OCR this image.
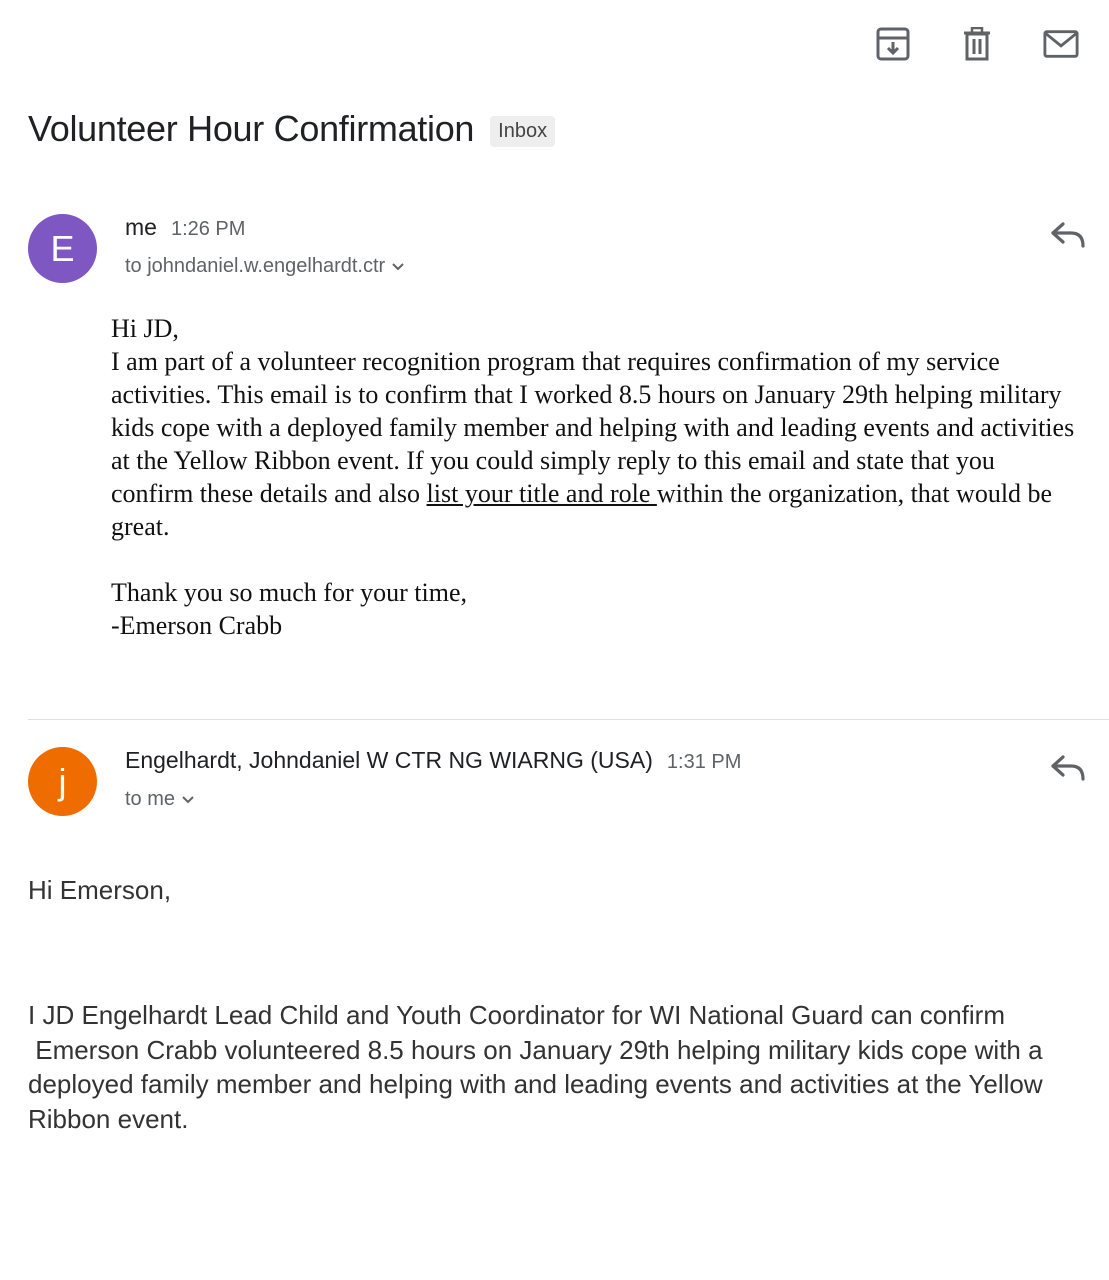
Volunteer Hour Confirmation	Inbox
E
me 1:26 PM
to johndaniel.w.engelhardt.ctr

Hi JD,

I am part of a volunteer recognition program that requires confirmation of my service

activities. This email is to confirm that I worked 8.5 hours on January 29th helping military

kids cope with a deployed family member and helping with and leading events and activities

at the Yellow Ribbon event. If you could simply reply to this email and state that you

confirm these details and also list your title and role within the organization, that would be

great.

Thank you so much for your time,

-Emerson Crabb

j
Engelhardt, Johndaniel W CTR NG WIARNG (USA) 1:31 PM
to me

Hi Emerson,

I JD Engelhardt Lead Child and Youth Coordinator for WI National Guard can confirm

Emerson Crabb volunteered 8.5 hours on January 29th helping military kids cope with a

deployed family member and helping with and leading events and activities at the Yellow

Ribbon event.
